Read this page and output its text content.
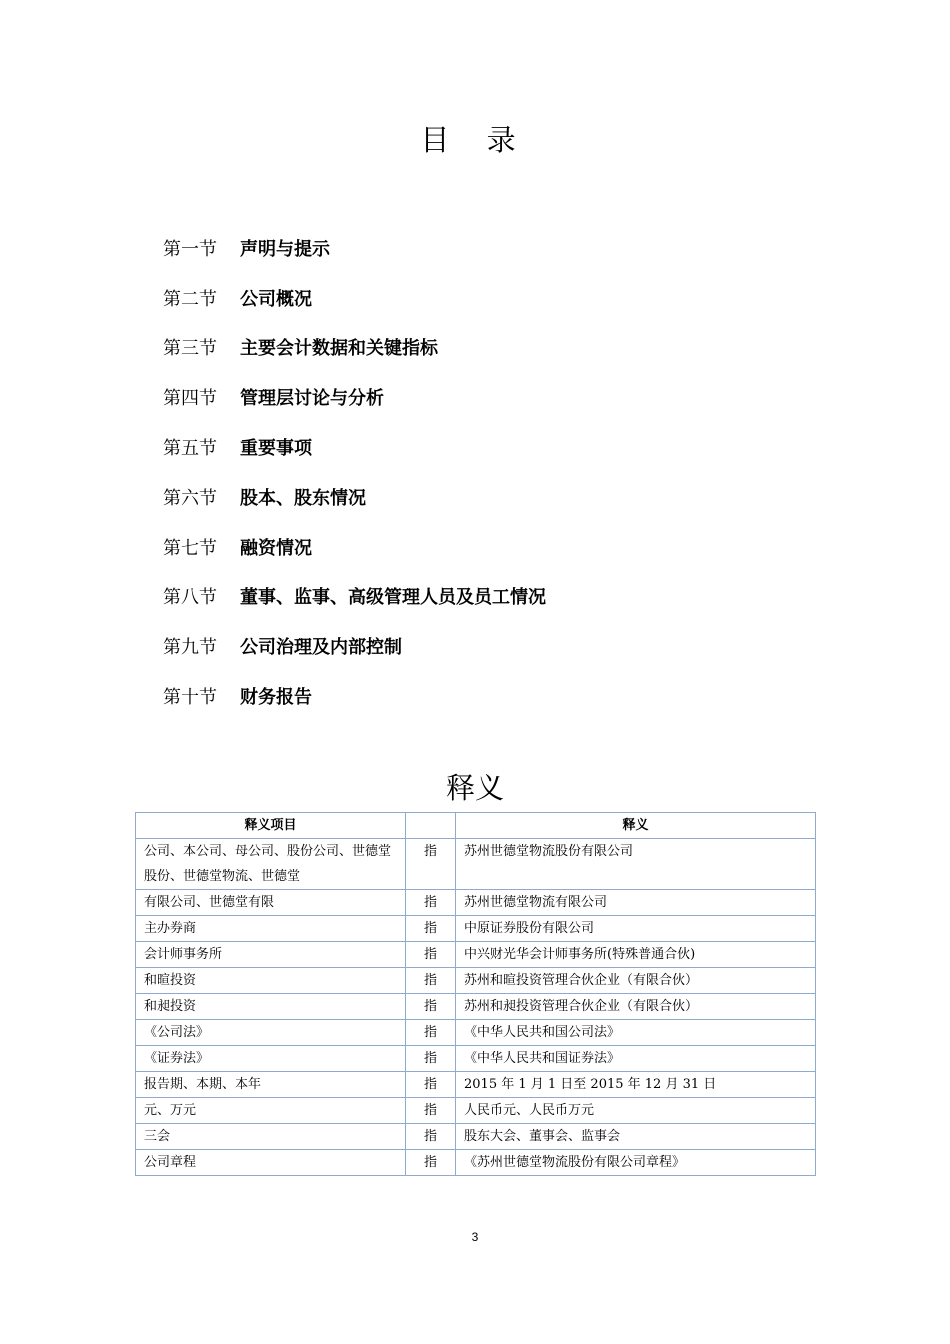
目 录
第一节	声明与提示
第二节	公司概况
第三节	主要会计数据和关键指标
第四节	管理层讨论与分析
第五节	重要事项
第六节	股本、股东情况
第七节	融资情况
第八节	董事、监事、高级管理人员及员工情况
第九节	公司治理及内部控制
第十节	财务报告
释义
释义项目		释义
公司、本公司、母公司、股份公司、世德堂股份、世德堂物流、世德堂	指	苏州世德堂物流股份有限公司
有限公司、世德堂有限	指	苏州世德堂物流有限公司
主办券商	指	中原证券股份有限公司
会计师事务所	指	中兴财光华会计师事务所(特殊普通合伙)
和暄投资	指	苏州和暄投资管理合伙企业（有限合伙）
和昶投资	指	苏州和昶投资管理合伙企业（有限合伙）
《公司法》	指	《中华人民共和国公司法》
《证券法》	指	《中华人民共和国证券法》
报告期、本期、本年	指	2015 年 1 月 1 日至 2015 年 12 月 31 日
元、万元	指	人民币元、人民币万元
三会	指	股东大会、董事会、监事会
公司章程	指	《苏州世德堂物流股份有限公司章程》
3
